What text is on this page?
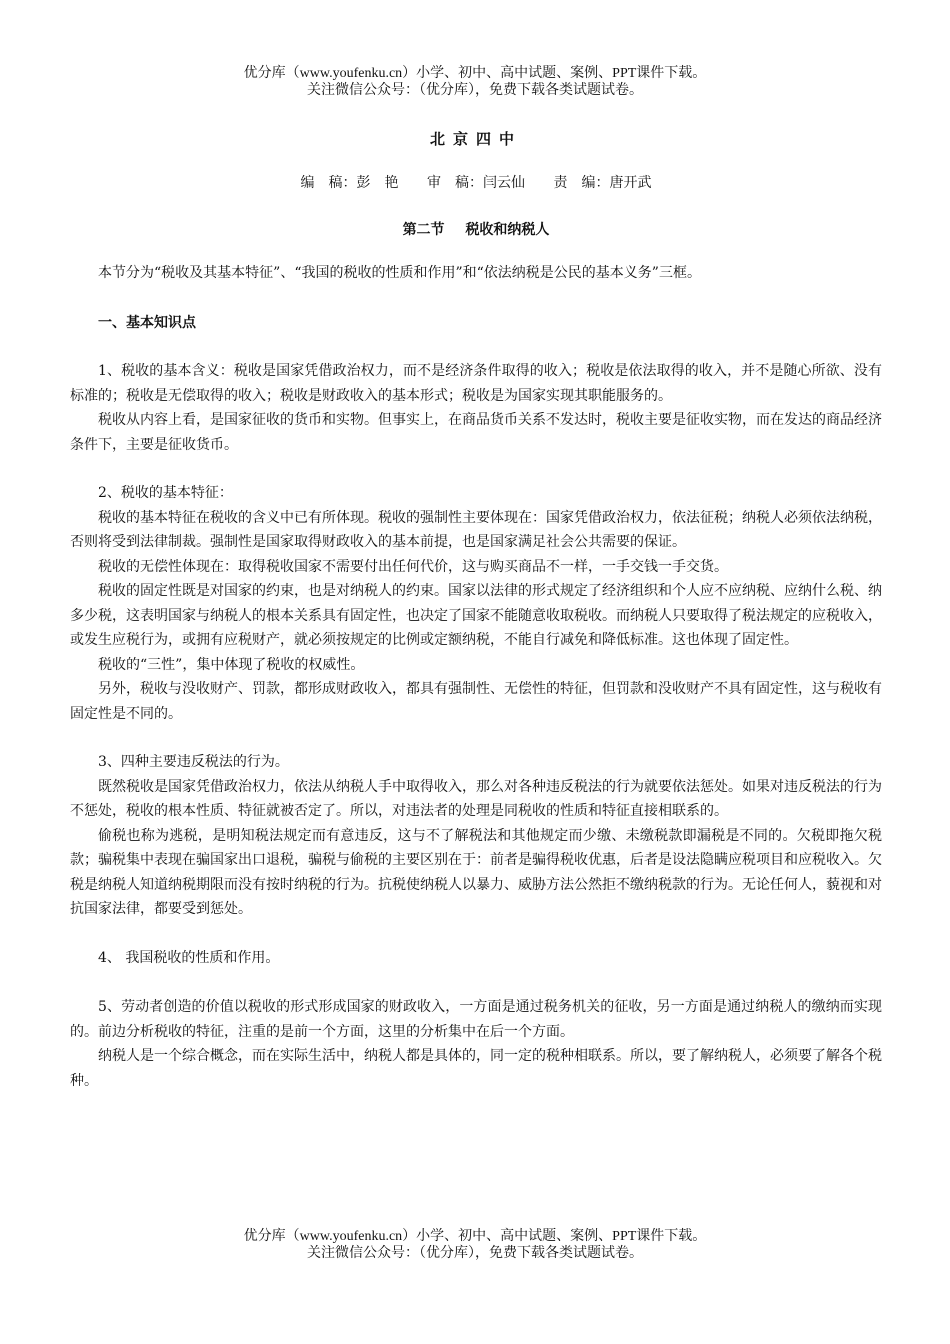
优分库（www.youfenku.cn）小学、初中、高中试题、案例、PPT课件下载。
关注微信公众号：（优分库），免费下载各类试题试卷。
北京四中
编　稿：彭　艳 审　稿：闫云仙 责　编：唐开武
第二节 税收和纳税人

本节分为“税收及其基本特征”、“我国的税收的性质和作用”和“依法纳税是公民的基本义务”三框。

一、基本知识点

1、税收的基本含义：税收是国家凭借政治权力，而不是经济条件取得的收入；税收是依法取得的收入，并不是随心所欲、没有标准的；税收是无偿取得的收入；税收是财政收入的基本形式；税收是为国家实现其职能服务的。

税收从内容上看，是国家征收的货币和实物。但事实上，在商品货币关系不发达时，税收主要是征收实物，而在发达的商品经济条件下，主要是征收货币。

2、税收的基本特征：

税收的基本特征在税收的含义中已有所体现。税收的强制性主要体现在：国家凭借政治权力，依法征税；纳税人必须依法纳税，否则将受到法律制裁。强制性是国家取得财政收入的基本前提，也是国家满足社会公共需要的保证。

税收的无偿性体现在：取得税收国家不需要付出任何代价，这与购买商品不一样，一手交钱一手交货。

税收的固定性既是对国家的约束，也是对纳税人的约束。国家以法律的形式规定了经济组织和个人应不应纳税、应纳什么税、纳多少税，这表明国家与纳税人的根本关系具有固定性，也决定了国家不能随意收取税收。而纳税人只要取得了税法规定的应税收入，或发生应税行为，或拥有应税财产，就必须按规定的比例或定额纳税，不能自行减免和降低标准。这也体现了固定性。

税收的“三性”，集中体现了税收的权威性。

另外，税收与没收财产、罚款，都形成财政收入，都具有强制性、无偿性的特征，但罚款和没收财产不具有固定性，这与税收有固定性是不同的。

3、四种主要违反税法的行为。

既然税收是国家凭借政治权力，依法从纳税人手中取得收入，那么对各种违反税法的行为就要依法惩处。如果对违反税法的行为不惩处，税收的根本性质、特征就被否定了。所以，对违法者的处理是同税收的性质和特征直接相联系的。

偷税也称为逃税，是明知税法规定而有意违反，这与不了解税法和其他规定而少缴、未缴税款即漏税是不同的。欠税即拖欠税款；骗税集中表现在骗国家出口退税，骗税与偷税的主要区别在于：前者是骗得税收优惠，后者是设法隐瞒应税项目和应税收入。欠税是纳税人知道纳税期限而没有按时纳税的行为。抗税使纳税人以暴力、威胁方法公然拒不缴纳税款的行为。无论任何人，藐视和对抗国家法律，都要受到惩处。

4、 我国税收的性质和作用。

5、劳动者创造的价值以税收的形式形成国家的财政收入，一方面是通过税务机关的征收，另一方面是通过纳税人的缴纳而实现的。前边分析税收的特征，注重的是前一个方面，这里的分析集中在后一个方面。

纳税人是一个综合概念，而在实际生活中，纳税人都是具体的，同一定的税种相联系。所以，要了解纳税人，必须要了解各个税种。

优分库（www.youfenku.cn）小学、初中、高中试题、案例、PPT课件下载。
关注微信公众号：（优分库），免费下载各类试题试卷。
